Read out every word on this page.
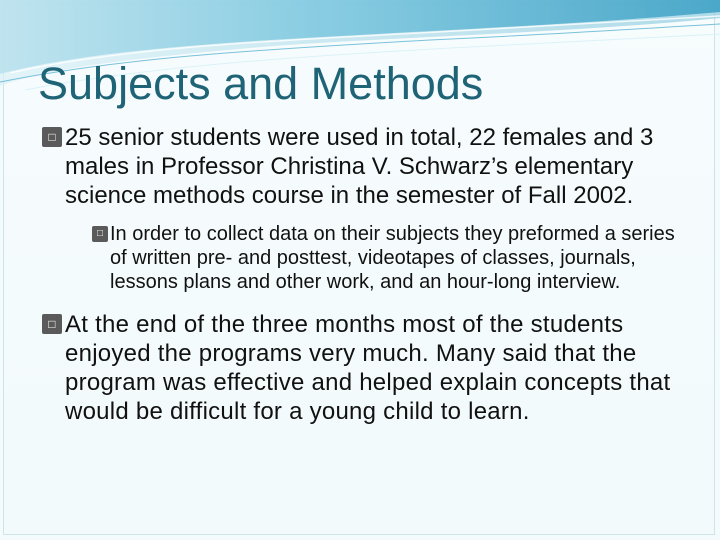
Subjects and Methods

□ 25 senior students were used in total, 22 females and 3 males in Professor Christina V. Schwarz’s elementary science methods course in the semester of Fall 2002.

□ In order to collect data on their subjects they preformed a series of written pre- and posttest, videotapes of classes, journals, lessons plans and other work, and an hour-long interview.

□ At the end of the three months most of the students enjoyed the programs very much. Many said that the program was effective and helped explain concepts that would be difficult for a young child to learn.
